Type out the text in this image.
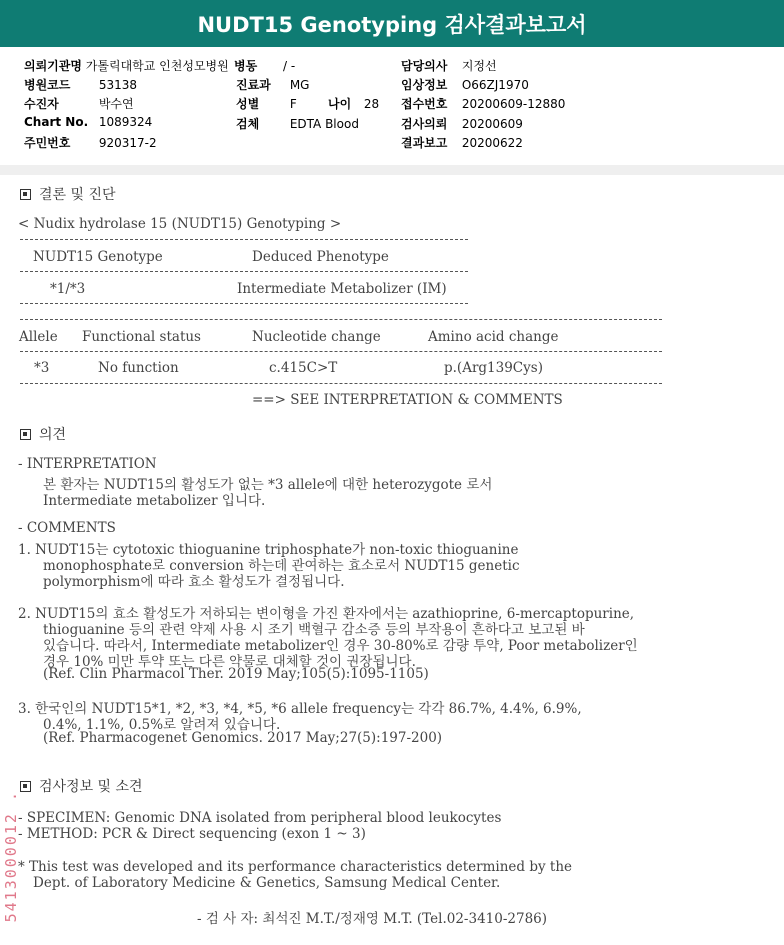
NUDT15 Genotyping 검사결과보고서
의뢰기관명 가톨릭대학교 인천성모병원 병동 / -
병원코드 53138
수진자	박수연
Chart No. 1089324
주민번호 920317-2
진료과 MG
성별	F	나이 28
검체	EDTA Blood
담당의사 지정선
임상정보 O66ZJ1970
접수번호 20200609-12880
검사의뢰 20200609
결과보고 20200622
결론 및 진단
< Nudix hydrolase 15 (NUDT15) Genotyping >
NUDT15 Genotype	Deduced Phenotype
*1/*3	Intermediate Metabolizer (IM)
Allele Functional status	Nucleotide change	Amino acid change
*3	No function	c.415C>T	p.(Arg139Cys)
==> SEE INTERPRETATION & COMMENTS
의견
- INTERPRETATION
본 환자는 NUDT15의 활성도가 없는 *3 allele에 대한 heterozygote 로서
Intermediate metabolizer 입니다.
- COMMENTS
1. NUDT15는 cytotoxic thioguanine triphosphate가 non-toxic thioguanine
monophosphate로 conversion 하는데 관여하는 효소로서 NUDT15 genetic
polymorphism에 따라 효소 활성도가 결정됩니다.
2. NUDT15의 효소 활성도가 저하되는 변이형을 가진 환자에서는 azathioprine, 6-mercaptopurine,
thioguanine 등의 관련 약제 사용 시 조기 백혈구 감소증 등의 부작용이 흔하다고 보고된 바
있습니다. 따라서, Intermediate metabolizer인 경우 30-80%로 감량 투약, Poor metabolizer인
경우 10% 미만 투약 또는 다른 약물로 대체할 것이 권장됩니다.
(Ref. Clin Pharmacol Ther. 2019 May;105(5):1095-1105)
3. 한국인의 NUDT15*1, *2, *3, *4, *5, *6 allele frequency는 각각 86.7%, 4.4%, 6.9%,
0.4%, 1.1%, 0.5%로 알려져 있습니다.
(Ref. Pharmacogenet Genomics. 2017 May;27(5):197-200)
검사정보 및 소견
- SPECIMEN: Genomic DNA isolated from peripheral blood leukocytes
- METHOD: PCR & Direct sequencing (exon 1 ~ 3)
* This test was developed and its performance characteristics determined by the
Dept. of Laboratory Medicine & Genetics, Samsung Medical Center.
- 검 사 자: 최석진 M.T./정재영 M.T. (Tel.02-3410-2786)
5413000012 .
